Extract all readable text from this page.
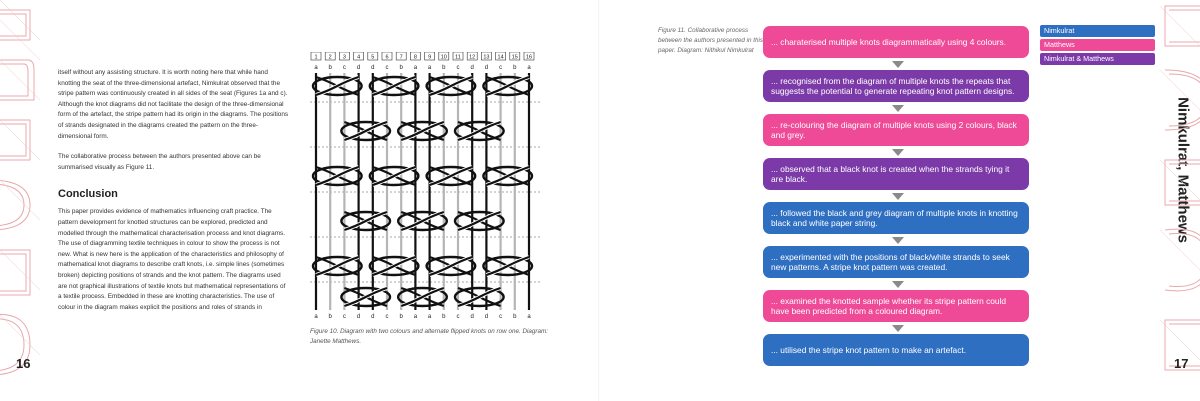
16

itself without any assisting structure. It is worth noting here that while hand knotting the seat of the three-dimensional artefact, Nimkulrat observed that the stripe pattern was continuously created in all sides of the seat (Figures 1a and c). Although the knot diagrams did not facilitate the design of the three-dimensional form of the artefact, the stripe pattern had its origin in the diagrams. The positions of strands designated in the diagrams created the pattern on the three-dimensional form.

The collaborative process between the authors presented above can be summarised visually as Figure 11.

Conclusion

This paper provides evidence of mathematics influencing craft practice. The pattern development for knotted structures can be explored, predicted and modelled through the mathematical characterisation process and knot diagrams. The use of diagramming textile techniques in colour to show the process is not new. What is new here is the application of the characteristics and philosophy of mathematical knot diagrams to describe craft knots, i.e. simple lines (sometimes broken) depicting positions of strands and the knot pattern. The diagrams used are not graphical illustrations of textile knots but mathematical representations of a textile process. Embedded in these are knotting characteristics. The use of colour in the diagram makes explicit the positions and roles of strands in

1 2 3 4 5 6 7 8 9 10 11 12 13 14 15 16
a b c d d c b a a b c d d c b a
a b c d d c b a a b c d d c b a
Figure 10. Diagram with two colours and alternate flipped knots on row one. Diagram: Janette Matthews.
Figure 11. Collaborative process between the authors presented in this paper. Diagram: Nithikul Nimkulrat
... charaterised multiple knots diagrammatically using 4 colours.
... recognised from the diagram of multiple knots the repeats that suggests the potential to generate repeating knot pattern designs.
... re-colouring the diagram of multiple knots using 2 colours, black and grey.
... observed that a black knot is created when the strands tying it are black.
... followed the black and grey diagram of multiple knots in knotting black and white paper string.
... experimented with the positions of black/white strands to seek new patterns. A stripe knot pattern was created.
... examined the knotted sample whether its stripe pattern could have been predicted from a coloured diagram.
... utilised the stripe knot pattern to make an artefact.
Nimkulrat
Matthews
Nimkulrat & Matthews
Nimkulrat, Matthews
17
